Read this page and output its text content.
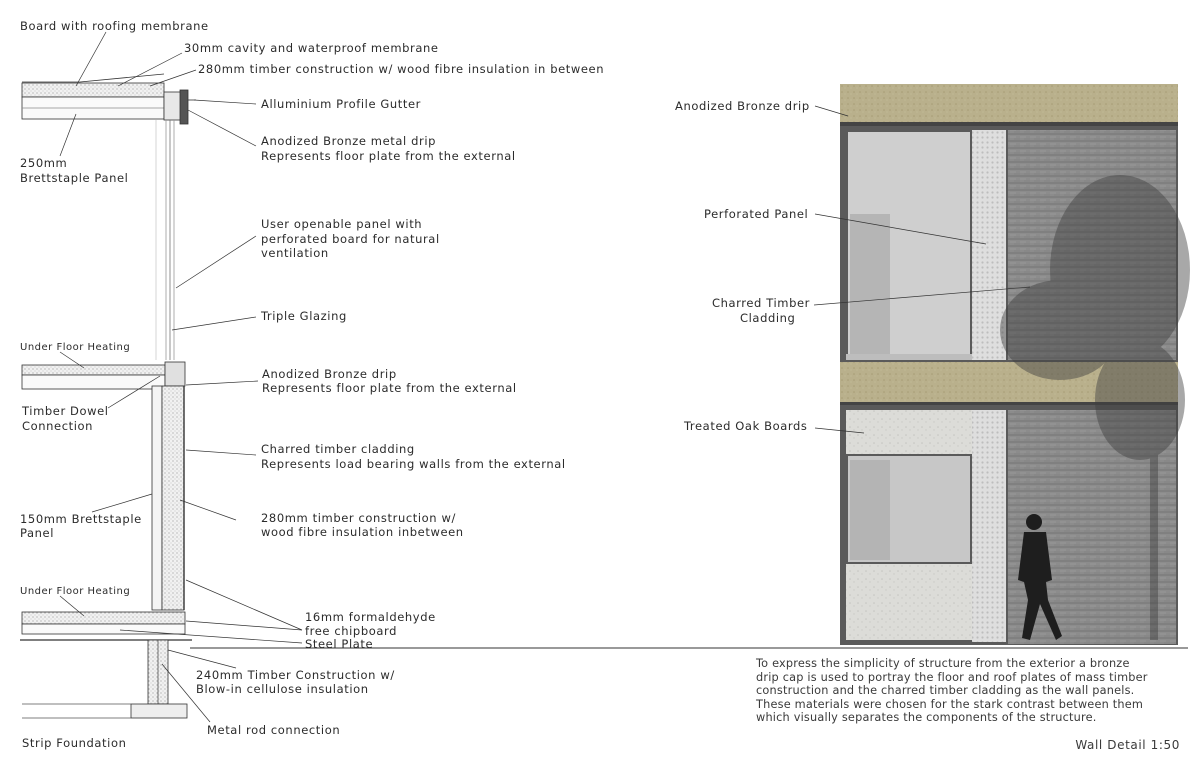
Board with roofing membrane
30mm cavity and waterproof membrane
280mm timber construction w/ wood fibre insulation in between
Alluminium Profile Gutter
Anodized Bronze metal drip
Represents floor plate from the external
250mm
Brettstaple Panel
User openable panel with
perforated board for natural
ventilation
Triple Glazing
Under Floor Heating
Anodized Bronze drip
Represents floor plate from the external
Timber Dowel
Connection
Charred timber cladding
Represents load bearing walls from the external
150mm Brettstaple
Panel
280mm timber construction w/
wood fibre insulation inbetween
Under Floor Heating
16mm formaldehyde
free chipboard
Steel Plate
240mm Timber Construction w/
Blow-in cellulose insulation
Metal rod connection
Strip Foundation
Anodized Bronze drip
Perforated Panel
Charred Timber
Cladding
Treated Oak Boards
To express the simplicity of structure from the exterior a bronze
drip cap is used to portray the floor and roof plates of mass timber
construction and the charred timber cladding as the wall panels.
These materials were chosen for the stark contrast between them
which visually separates the components of the structure.
Wall Detail 1:50
